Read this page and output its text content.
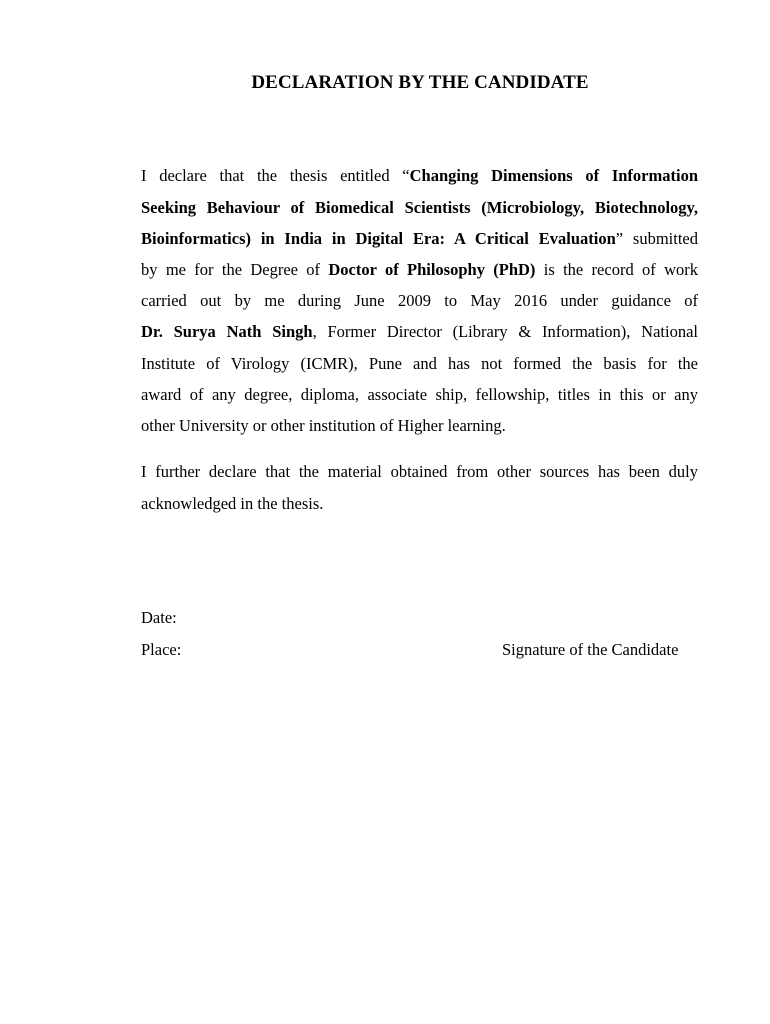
DECLARATION BY THE CANDIDATE

I declare that the thesis entitled “Changing Dimensions of Information

Seeking Behaviour of Biomedical Scientists (Microbiology, Biotechnology,

Bioinformatics) in India in Digital Era: A Critical Evaluation” submitted

by me for the Degree of Doctor of Philosophy (PhD) is the record of work

carried out by me during June 2009 to May 2016 under guidance of

Dr. Surya Nath Singh, Former Director (Library & Information), National

Institute of Virology (ICMR), Pune and has not formed the basis for the

award of any degree, diploma, associate ship, fellowship, titles in this or any

other University or other institution of Higher learning.

I further declare that the material obtained from other sources has been duly

acknowledged in the thesis.

Date:

Place:	Signature of the Candidate
